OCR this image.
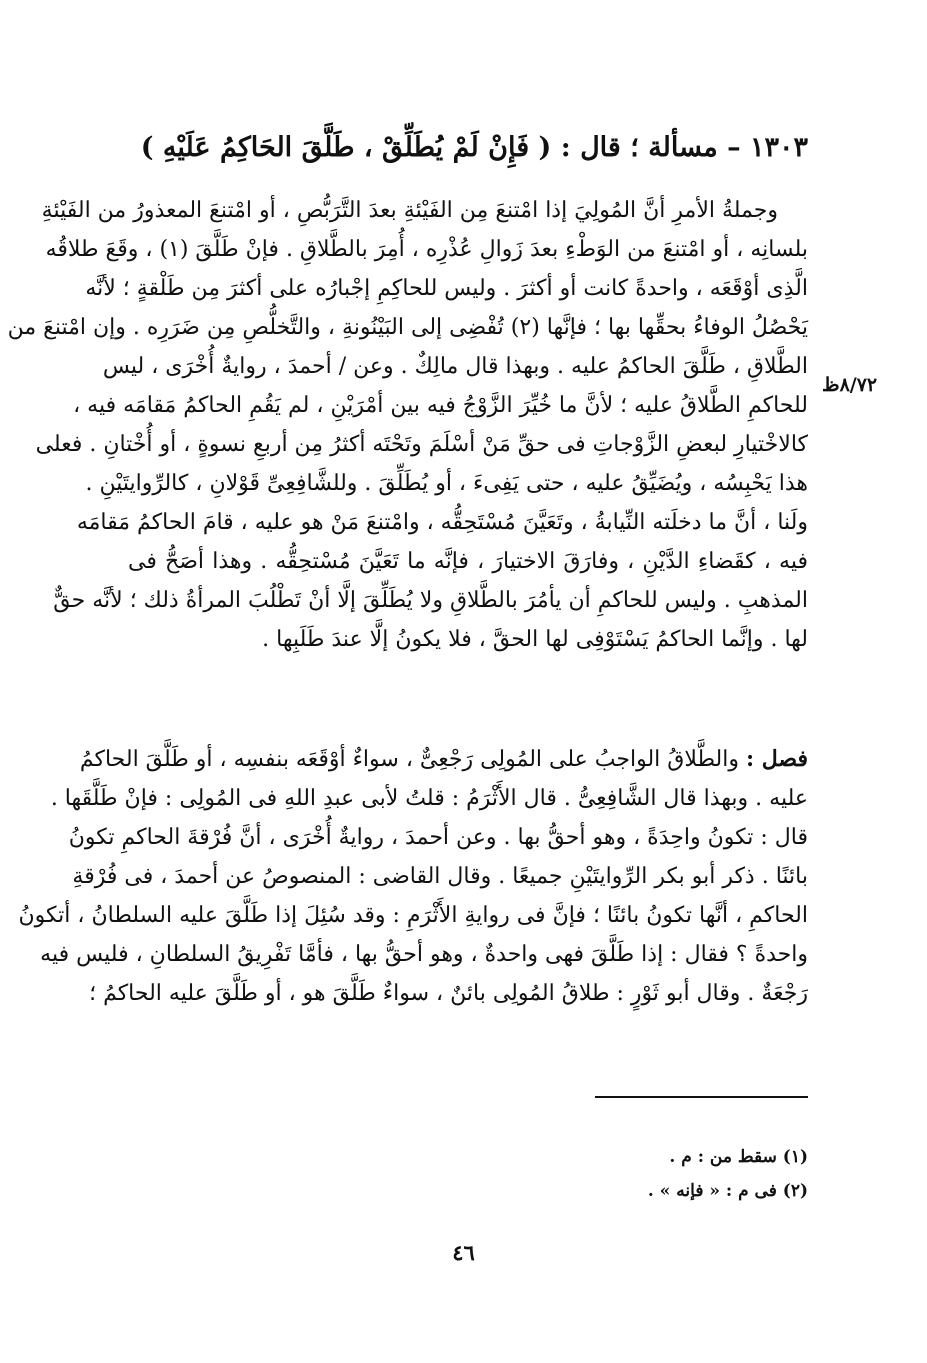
١٣٠٣ – مسألة ؛ قال : ( فَإِنْ لَمْ يُطَلِّقْ ، طَلَّقَ الحَاكِمُ عَلَيْهِ )
٨/٧٢ظ
وجملةُ الأمرِ أنَّ المُولِيَ إذا امْتنعَ مِن الفَيْئةِ بعدَ التَّرَبُّصِ ، أو امْتنعَ المعذورُ من الفَيْئةِ
بلسانِه ، أو امْتنعَ من الوَطْءِ بعدَ زَوالِ عُذْرِه ، أُمِرَ بالطَّلاقِ . فإنْ طَلَّقَ (١) ، وقَعَ طلاقُه
الَّذِى أوْقَعَه ، واحدةً كانت أو أكثرَ . وليس للحاكِمِ إجْبارُه على أكثرَ مِن طَلْقةٍ ؛ لأنَّه
يَحْصُلُ الوفاءُ بحقِّها بها ؛ فإنَّها (٢) تُفْضِى إلى البَيْنُونةِ ، والتَّخلُّصِ مِن ضَرَرِه . وإن امْتنعَ من
الطَّلاقِ ، طَلَّقَ الحاكمُ عليه . وبهذا قال مالِكٌ . وعن / أحمدَ ، روايةٌ أُخْرَى ، ليس
للحاكمِ الطَّلاقُ عليه ؛ لأنَّ ما خُيِّرَ الزَّوْجُ فيه بين أمْرَيْنِ ، لم يَقُمِ الحاكمُ مَقامَه فيه ،
كالاخْتيارِ لبعضِ الزَّوْجاتِ فى حقِّ مَنْ أسْلَمَ وتَحْتَه أكثرُ مِن أربعِ نسوةٍ ، أو أُخْتانِ . فعلى
هذا يَحْبِسُه ، ويُضَيِّقُ عليه ، حتى يَفِىءَ ، أو يُطَلِّقَ . وللشَّافِعِىِّ قَوْلانِ ، كالرِّوايتَيْنِ .
ولَنا ، أنَّ ما دخلَته النِّيابةُ ، وتَعَيَّنَ مُسْتَحِقُّه ، وامْتنعَ مَنْ هو عليه ، قامَ الحاكمُ مَقامَه
فيه ، كقَضاءِ الدَّيْنِ ، وفارَقَ الاختيارَ ، فإنَّه ما تَعَيَّنَ مُسْتحِقُّه . وهذا أصَحُّ فى
المذهبِ . وليس للحاكمِ أن يأمُرَ بالطَّلاقِ ولا يُطَلِّقَ إلَّا أنْ تَطْلُبَ المرأةُ ذلك ؛ لأنَّه حقٌّ
لها . وإنَّما الحاكمُ يَسْتَوْفِى لها الحقَّ ، فلا يكونُ إلَّا عندَ طَلَبِها .
فصل : والطَّلاقُ الواجبُ على المُولِى رَجْعِىٌّ ، سواءٌ أوْقَعَه بنفسِه ، أو طَلَّقَ الحاكمُ
عليه . وبهذا قال الشَّافِعِىُّ . قال الأَثْرَمُ : قلتُ لأبى عبدِ اللهِ فى المُولِى : فإنْ طَلَّقَها .
قال : تكونُ واحِدَةً ، وهو أحقُّ بها . وعن أحمدَ ، روايةٌ أُخْرَى ، أنَّ فُرْقةَ الحاكمِ تكونُ
بائنًا . ذكر أبو بكر الرِّوايتَيْنِ جميعًا . وقال القاضى : المنصوصُ عن أحمدَ ، فى فُرْقةِ
الحاكمِ ، أنَّها تكونُ بائنًا ؛ فإنَّ فى روايةِ الأَثْرَمِ : وقد سُئِلَ إذا طَلَّقَ عليه السلطانُ ، أتكونُ
واحدةً ؟ فقال : إذا طَلَّقَ فهى واحدةٌ ، وهو أحقُّ بها ، فأمَّا تَفْرِيقُ السلطانِ ، فليس فيه
رَجْعَةٌ . وقال أبو ثَوْرٍ : طلاقُ المُولِى بائنٌ ، سواءٌ طَلَّقَ هو ، أو طَلَّقَ عليه الحاكمُ ؛
(١) سقط من : م .
(٢) فى م : « فإنه » .
٤٦
